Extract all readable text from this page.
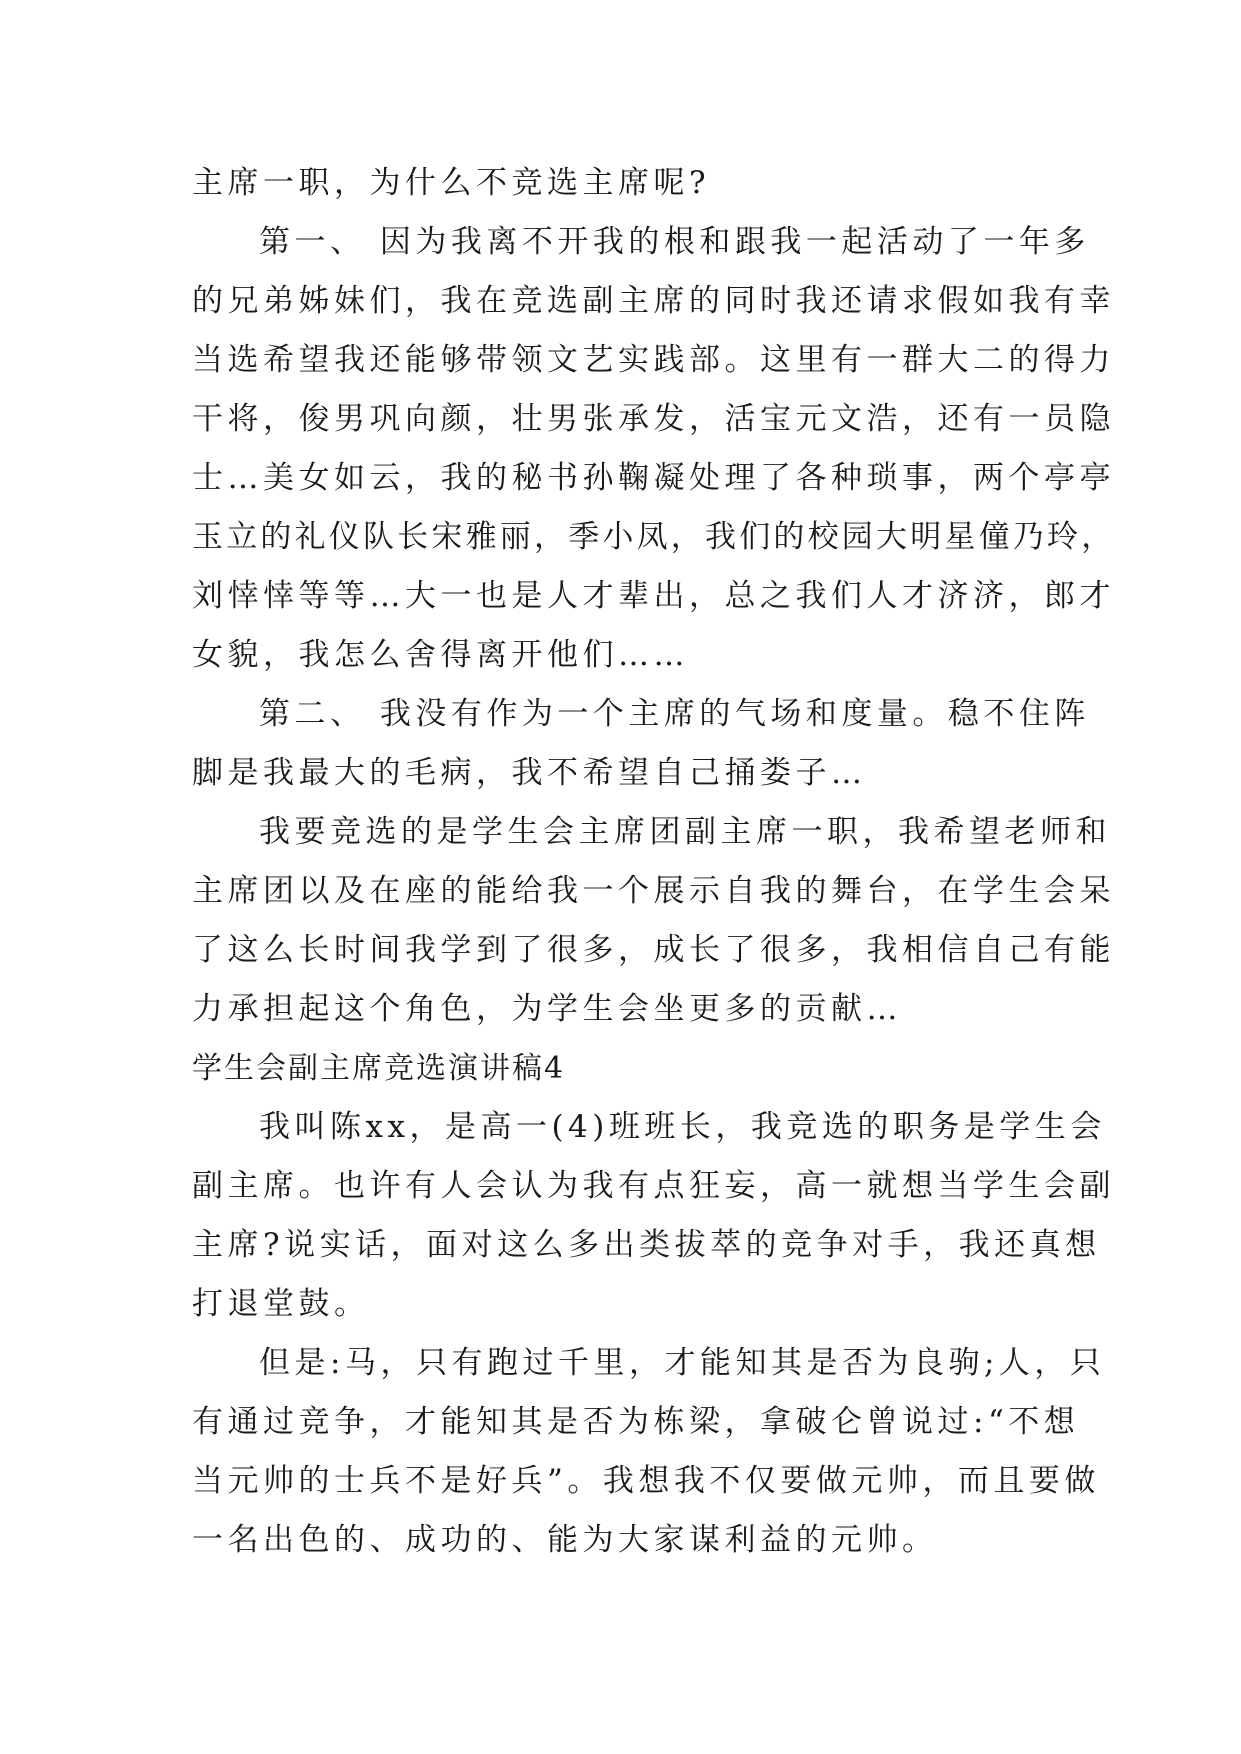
主席一职，为什么不竞选主席呢?
第一、 因为我离不开我的根和跟我一起活动了一年多
的兄弟姊妹们，我在竞选副主席的同时我还请求假如我有幸
当选希望我还能够带领文艺实践部。这里有一群大二的得力
干将，俊男巩向颜，壮男张承发，活宝元文浩，还有一员隐
士…美女如云，我的秘书孙鞠凝处理了各种琐事，两个亭亭
玉立的礼仪队长宋雅丽，季小凤，我们的校园大明星僮乃玲，
刘悻悻等等…大一也是人才辈出，总之我们人才济济，郎才
女貌，我怎么舍得离开他们……
第二、 我没有作为一个主席的气场和度量。稳不住阵
脚是我最大的毛病，我不希望自己捅娄子…
我要竞选的是学生会主席团副主席一职，我希望老师和
主席团以及在座的能给我一个展示自我的舞台，在学生会呆
了这么长时间我学到了很多，成长了很多，我相信自己有能
力承担起这个角色，为学生会坐更多的贡献…
学生会副主席竞选演讲稿4
我叫陈xx，是高一(4)班班长，我竞选的职务是学生会
副主席。也许有人会认为我有点狂妄，高一就想当学生会副
主席?说实话，面对这么多出类拔萃的竞争对手，我还真想
打退堂鼓。
但是:马，只有跑过千里，才能知其是否为良驹;人，只
有通过竞争，才能知其是否为栋梁，拿破仑曾说过:“不想
当元帅的士兵不是好兵”。我想我不仅要做元帅，而且要做
一名出色的、成功的、能为大家谋利益的元帅。
